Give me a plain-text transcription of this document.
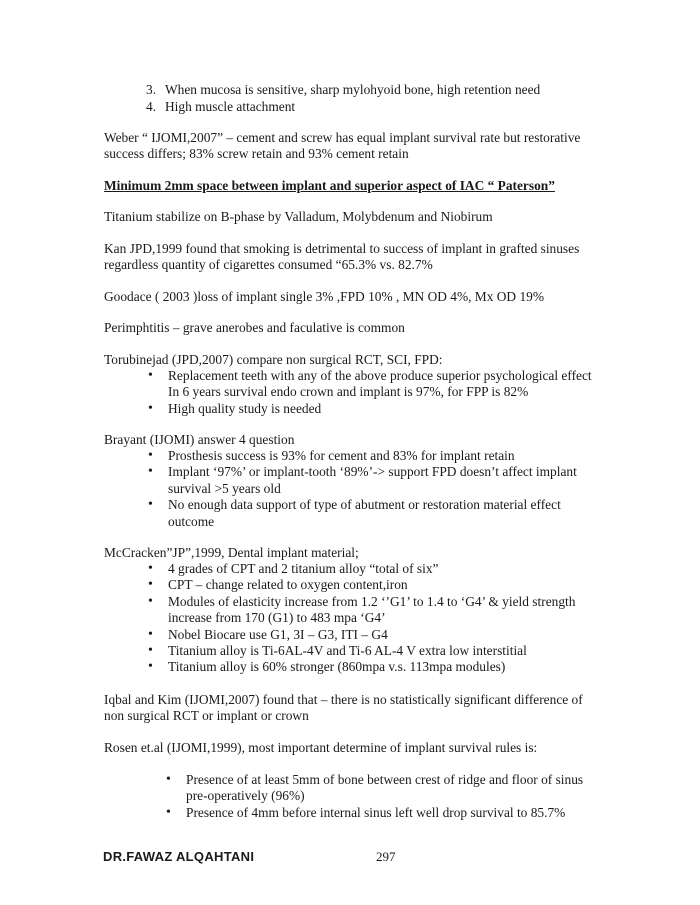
3. When mucosa is sensitive, sharp mylohyoid bone, high retention need
4. High muscle attachment

Weber “ IJOMI,2007” – cement and screw has equal implant survival rate but restorative success differs; 83% screw retain and 93% cement retain

Minimum 2mm space between implant and superior aspect of IAC “ Paterson”

Titanium stabilize on B-phase by Valladum, Molybdenum and Niobirum

Kan JPD,1999 found that smoking is detrimental to success of implant in grafted sinuses regardless quantity of cigarettes consumed “65.3% vs. 82.7%

Goodace ( 2003 )loss of implant single 3% ,FPD 10% , MN OD 4%, Mx OD 19%

Perimphtitis – grave anerobes and faculative is common

Torubinejad (JPD,2007) compare non surgical RCT, SCI, FPD:

• Replacement teeth with any of the above produce superior psychological effect In 6 years survival endo crown and implant is 97%, for FPP is 82%
• High quality study is needed

Brayant (IJOMI) answer 4 question

• Prosthesis success is 93% for cement and 83% for implant retain
• Implant ‘97%’ or implant-tooth ‘89%’-> support FPD doesn’t affect implant survival >5 years old
• No enough data support of type of abutment or restoration material effect outcome

McCracken”JP”,1999, Dental implant material;

• 4 grades of CPT and 2 titanium alloy “total of six”
• CPT – change related to oxygen content,iron
• Modules of elasticity increase from 1.2 ‘’G1’ to 1.4 to ‘G4’ & yield strength increase from 170 (G1) to 483 mpa ‘G4’
• Nobel Biocare use G1, 3I – G3, ITI – G4
• Titanium alloy is Ti-6AL-4V and Ti-6 AL-4 V extra low interstitial
• Titanium alloy is 60% stronger (860mpa v.s. 113mpa modules)

Iqbal and Kim (IJOMI,2007) found that – there is no statistically significant difference of non surgical RCT or implant or crown

Rosen et.al (IJOMI,1999), most important determine of implant survival rules is:

• Presence of at least 5mm of bone between crest of ridge and floor of sinus pre-operatively (96%)
• Presence of 4mm before internal sinus left well drop survival to 85.7%
DR.FAWAZ ALQAHTANI	297
